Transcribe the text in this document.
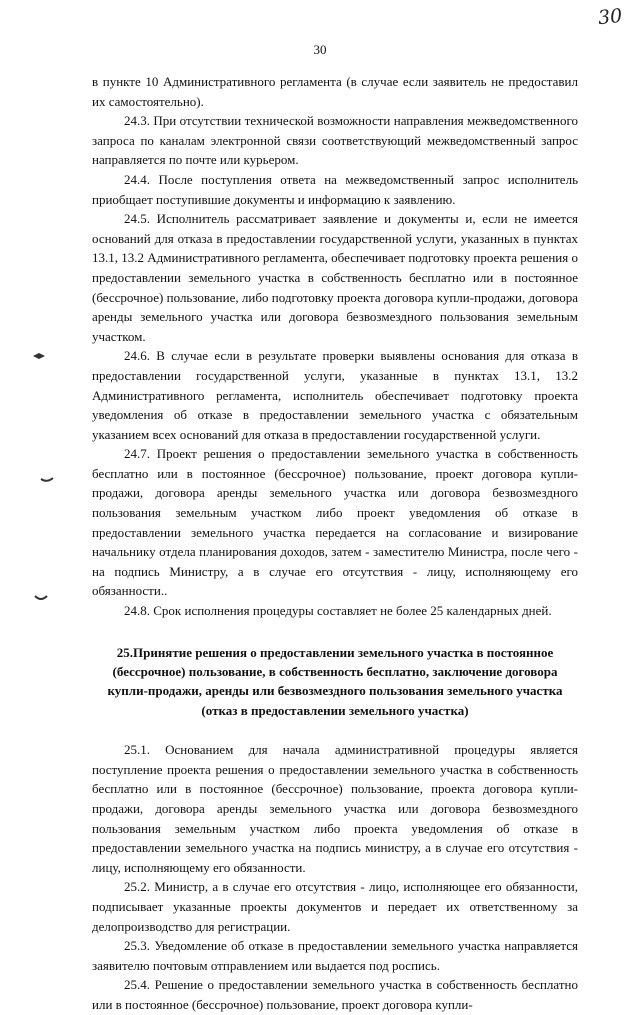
30
30

в пункте 10 Административного регламента (в случае если заявитель не предоставил их самостоятельно).

24.3. При отсутствии технической возможности направления межведомственного запроса по каналам электронной связи соответствующий межведомственный запрос направляется по почте или курьером.

24.4. После поступления ответа на межведомственный запрос исполнитель приобщает поступившие документы и информацию к заявлению.

24.5. Исполнитель рассматривает заявление и документы и, если не имеется оснований для отказа в предоставлении государственной услуги, указанных в пунктах 13.1, 13.2 Административного регламента, обеспечивает подготовку проекта решения о предоставлении земельного участка в собственность бесплатно или в постоянное (бессрочное) пользование, либо подготовку проекта договора купли-продажи, договора аренды земельного участка или договора безвозмездного пользования земельным участком.

24.6. В случае если в результате проверки выявлены основания для отказа в предоставлении государственной услуги, указанные в пунктах 13.1, 13.2 Административного регламента, исполнитель обеспечивает подготовку проекта уведомления об отказе в предоставлении земельного участка с обязательным указанием всех оснований для отказа в предоставлении государственной услуги.

24.7. Проект решения о предоставлении земельного участка в собственность бесплатно или в постоянное (бессрочное) пользование, проект договора купли-продажи, договора аренды земельного участка или договора безвозмездного пользования земельным участком либо проект уведомления об отказе в предоставлении земельного участка передается на согласование и визирование начальнику отдела планирования доходов, затем - заместителю Министра, после чего - на подпись Министру, а в случае его отсутствия - лицу, исполняющему его обязанности..

24.8. Срок исполнения процедуры составляет не более 25 календарных дней.

25.Принятие решения о предоставлении земельного участка в постоянное (бессрочное) пользование, в собственность бесплатно, заключение договора купли-продажи, аренды или безвозмездного пользования земельного участка (отказ в предоставлении земельного участка)

25.1. Основанием для начала административной процедуры является поступление проекта решения о предоставлении земельного участка в собственность бесплатно или в постоянное (бессрочное) пользование, проекта договора купли-продажи, договора аренды земельного участка или договора безвозмездного пользования земельным участком либо проекта уведомления об отказе в предоставлении земельного участка на подпись министру, а в случае его отсутствия - лицу, исполняющему его обязанности.

25.2. Министр, а в случае его отсутствия - лицо, исполняющее его обязанности, подписывает указанные проекты документов и передает их ответственному за делопроизводство для регистрации.

25.3. Уведомление об отказе в предоставлении земельного участка направляется заявителю почтовым отправлением или выдается под роспись.

25.4. Решение о предоставлении земельного участка в собственность бесплатно или в постоянное (бессрочное) пользование, проект договора купли-
